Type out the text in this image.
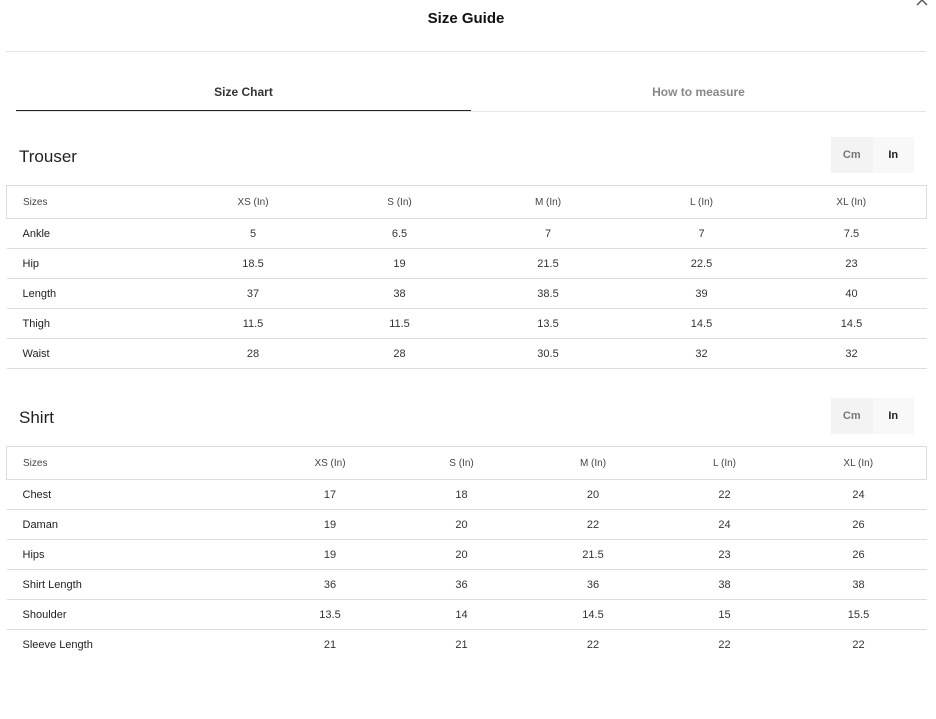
Size Guide
Size Chart	How to measure
Trouser	Cm	In
Sizes	XS (In)	S (In)	M (In)	L (In)	XL (In)
Ankle	5	6.5	7	7	7.5
Hip	18.5	19	21.5	22.5	23
Length	37	38	38.5	39	40
Thigh	11.5	11.5	13.5	14.5	14.5
Waist	28	28	30.5	32	32
Shirt	Cm	In
Sizes	XS (In)	S (In)	M (In)	L (In)	XL (In)
Chest	17	18	20	22	24
Daman	19	20	22	24	26
Hips	19	20	21.5	23	26
Shirt Length	36	36	36	38	38
Shoulder	13.5	14	14.5	15	15.5
Sleeve Length	21	21	22	22	22
